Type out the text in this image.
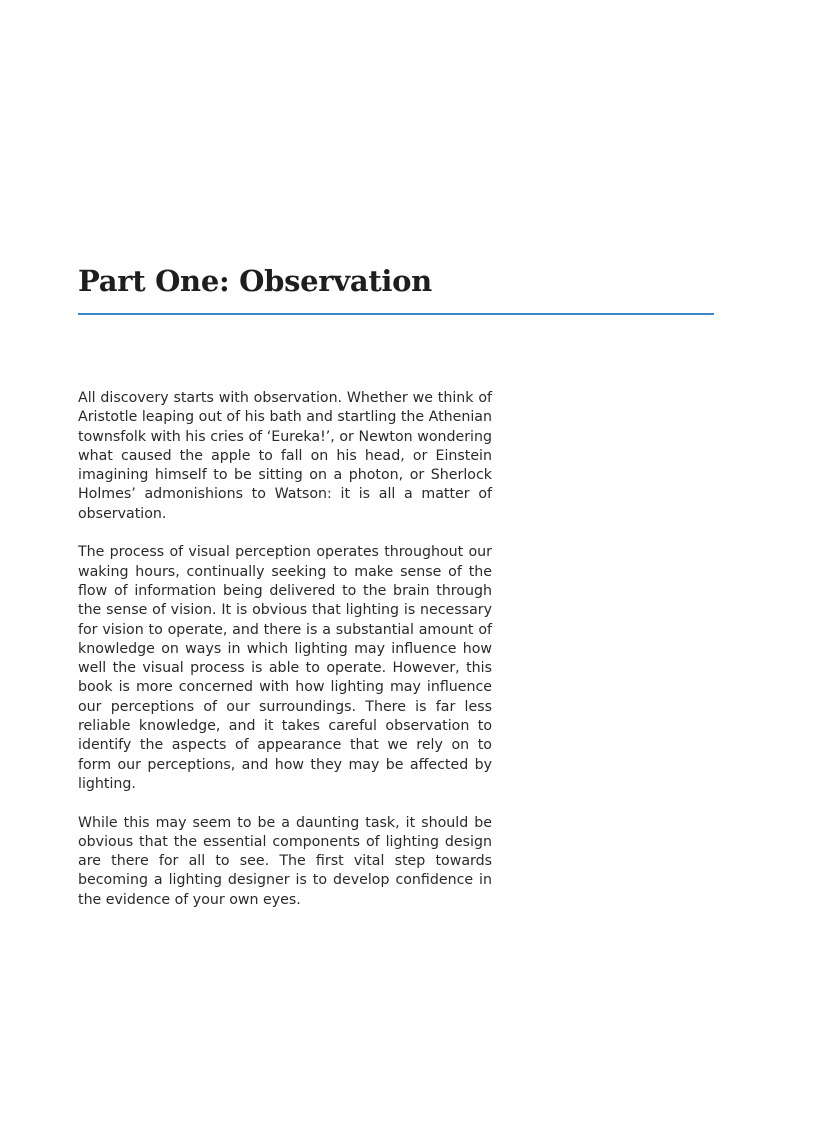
Part One: Observation

All discovery starts with observation. Whether we think of Aristotle leaping out of his bath and startling the Athenian townsfolk with his cries of ‘Eureka!’, or Newton wondering what caused the apple to fall on his head, or Einstein imagining himself to be sitting on a photon, or Sherlock Holmes’ admonishions to Watson: it is all a matter of observation.

The process of visual perception operates throughout our waking hours, continually seeking to make sense of the flow of information being delivered to the brain through the sense of vision. It is obvious that lighting is necessary for vision to operate, and there is a substantial amount of knowledge on ways in which lighting may influence how well the visual process is able to operate. However, this book is more concerned with how lighting may influence our perceptions of our surroundings. There is far less reliable knowledge, and it takes careful observation to identify the aspects of appearance that we rely on to form our perceptions, and how they may be affected by lighting.

While this may seem to be a daunting task, it should be obvious that the essential components of lighting design are there for all to see. The first vital step towards becoming a lighting designer is to develop confidence in the evidence of your own eyes.
